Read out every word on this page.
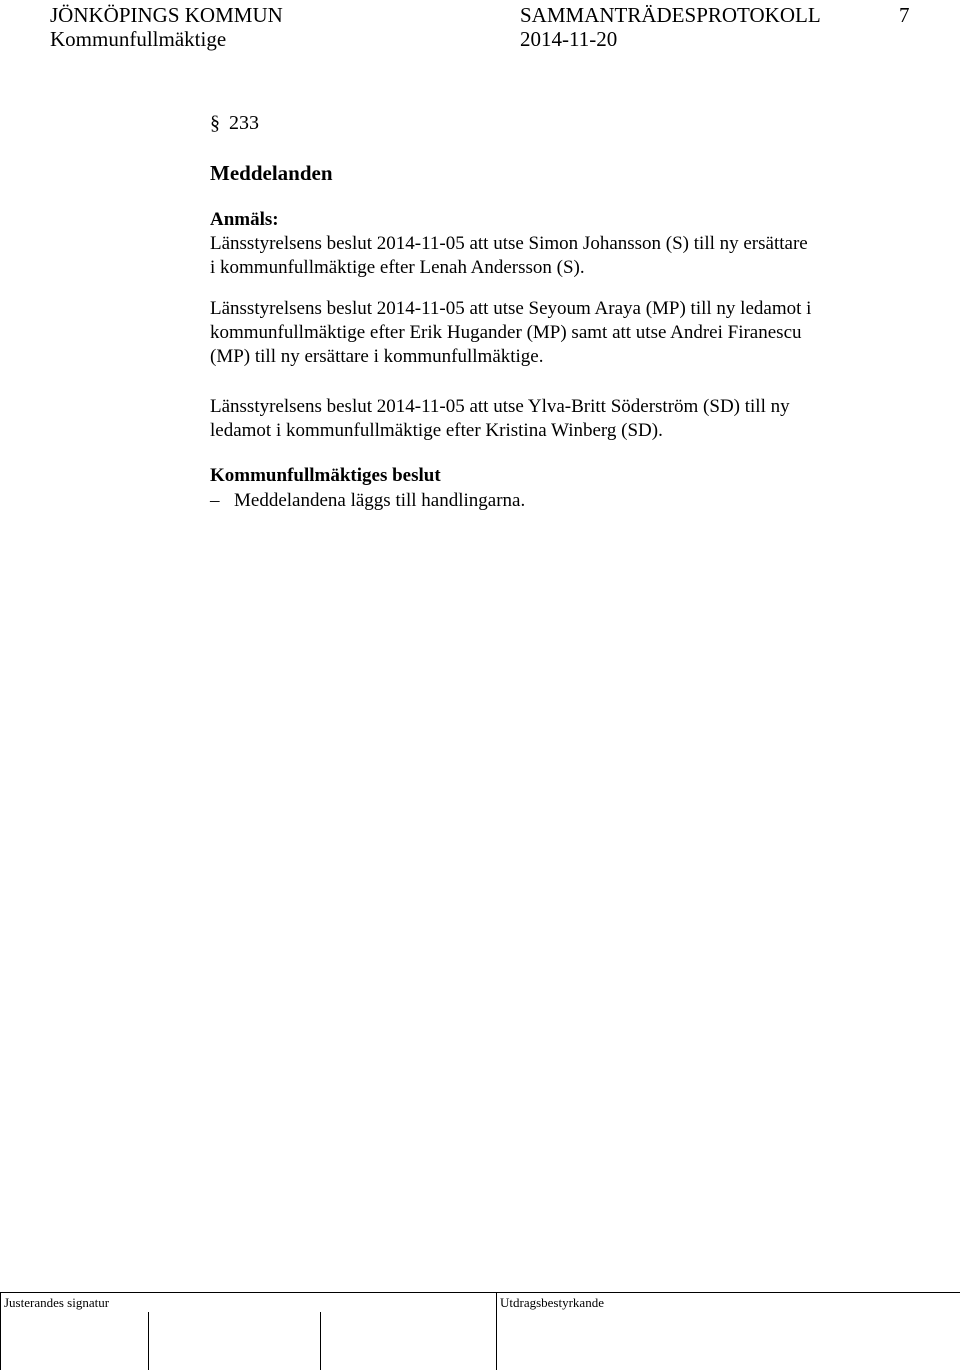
JÖNKÖPINGS KOMMUN	SAMMANTRÄDESPROTOKOLL	7
Kommunfullmäktige	2014-11-20
§ 233
Meddelanden
Anmäls:

Länsstyrelsens beslut 2014-11-05 att utse Simon Johansson (S) till ny ersättare

i kommunfullmäktige efter Lenah Andersson (S).

Länsstyrelsens beslut 2014-11-05 att utse Seyoum Araya (MP) till ny ledamot i

kommunfullmäktige efter Erik Hugander (MP) samt att utse Andrei Firanescu

(MP) till ny ersättare i kommunfullmäktige.

Länsstyrelsens beslut 2014-11-05 att utse Ylva-Britt Söderström (SD) till ny

ledamot i kommunfullmäktige efter Kristina Winberg (SD).

Kommunfullmäktiges beslut
– Meddelandena läggs till handlingarna.
Justerandes signatur	Utdragsbestyrkande
